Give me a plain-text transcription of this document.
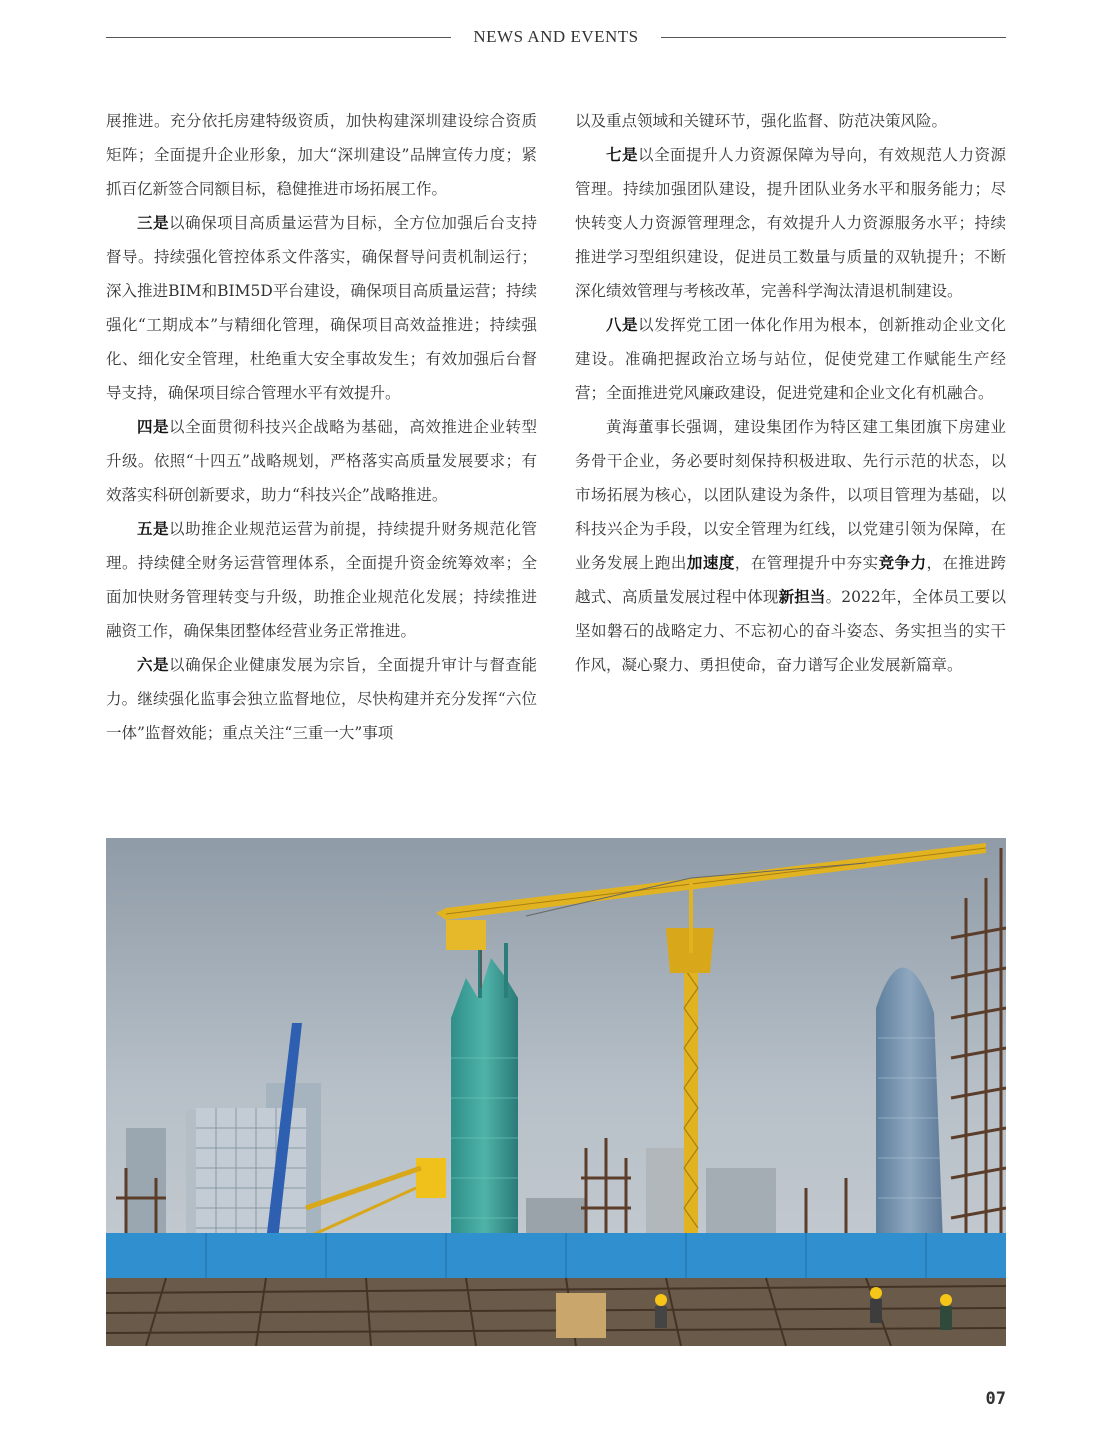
NEWS AND EVENTS

展推进。充分依托房建特级资质，加快构建深圳建设综合资质矩阵；全面提升企业形象，加大“深圳建设”品牌宣传力度；紧抓百亿新签合同额目标，稳健推进市场拓展工作。

三是以确保项目高质量运营为目标，全方位加强后台支持督导。持续强化管控体系文件落实，确保督导问责机制运行；深入推进BIM和BIM5D平台建设，确保项目高质量运营；持续强化“工期成本”与精细化管理，确保项目高效益推进；持续强化、细化安全管理，杜绝重大安全事故发生；有效加强后台督导支持，确保项目综合管理水平有效提升。

四是以全面贯彻科技兴企战略为基础，高效推进企业转型升级。依照“十四五”战略规划，严格落实高质量发展要求；有效落实科研创新要求，助力“科技兴企”战略推进。

五是以助推企业规范运营为前提，持续提升财务规范化管理。持续健全财务运营管理体系，全面提升资金统筹效率；全面加快财务管理转变与升级，助推企业规范化发展；持续推进融资工作，确保集团整体经营业务正常推进。

六是以确保企业健康发展为宗旨，全面提升审计与督查能力。继续强化监事会独立监督地位，尽快构建并充分发挥“六位一体”监督效能；重点关注“三重一大”事项

以及重点领域和关键环节，强化监督、防范决策风险。

七是以全面提升人力资源保障为导向，有效规范人力资源管理。持续加强团队建设，提升团队业务水平和服务能力；尽快转变人力资源管理理念，有效提升人力资源服务水平；持续推进学习型组织建设，促进员工数量与质量的双轨提升；不断深化绩效管理与考核改革，完善科学淘汰清退机制建设。

八是以发挥党工团一体化作用为根本，创新推动企业文化建设。准确把握政治立场与站位，促使党建工作赋能生产经营；全面推进党风廉政建设，促进党建和企业文化有机融合。

黄海董事长强调，建设集团作为特区建工集团旗下房建业务骨干企业，务必要时刻保持积极进取、先行示范的状态，以市场拓展为核心，以团队建设为条件，以项目管理为基础，以科技兴企为手段，以安全管理为红线，以党建引领为保障，在业务发展上跑出加速度，在管理提升中夯实竞争力，在推进跨越式、高质量发展过程中体现新担当。2022年，全体员工要以坚如磐石的战略定力、不忘初心的奋斗姿态、务实担当的实干作风，凝心聚力、勇担使命，奋力谱写企业发展新篇章。

07
